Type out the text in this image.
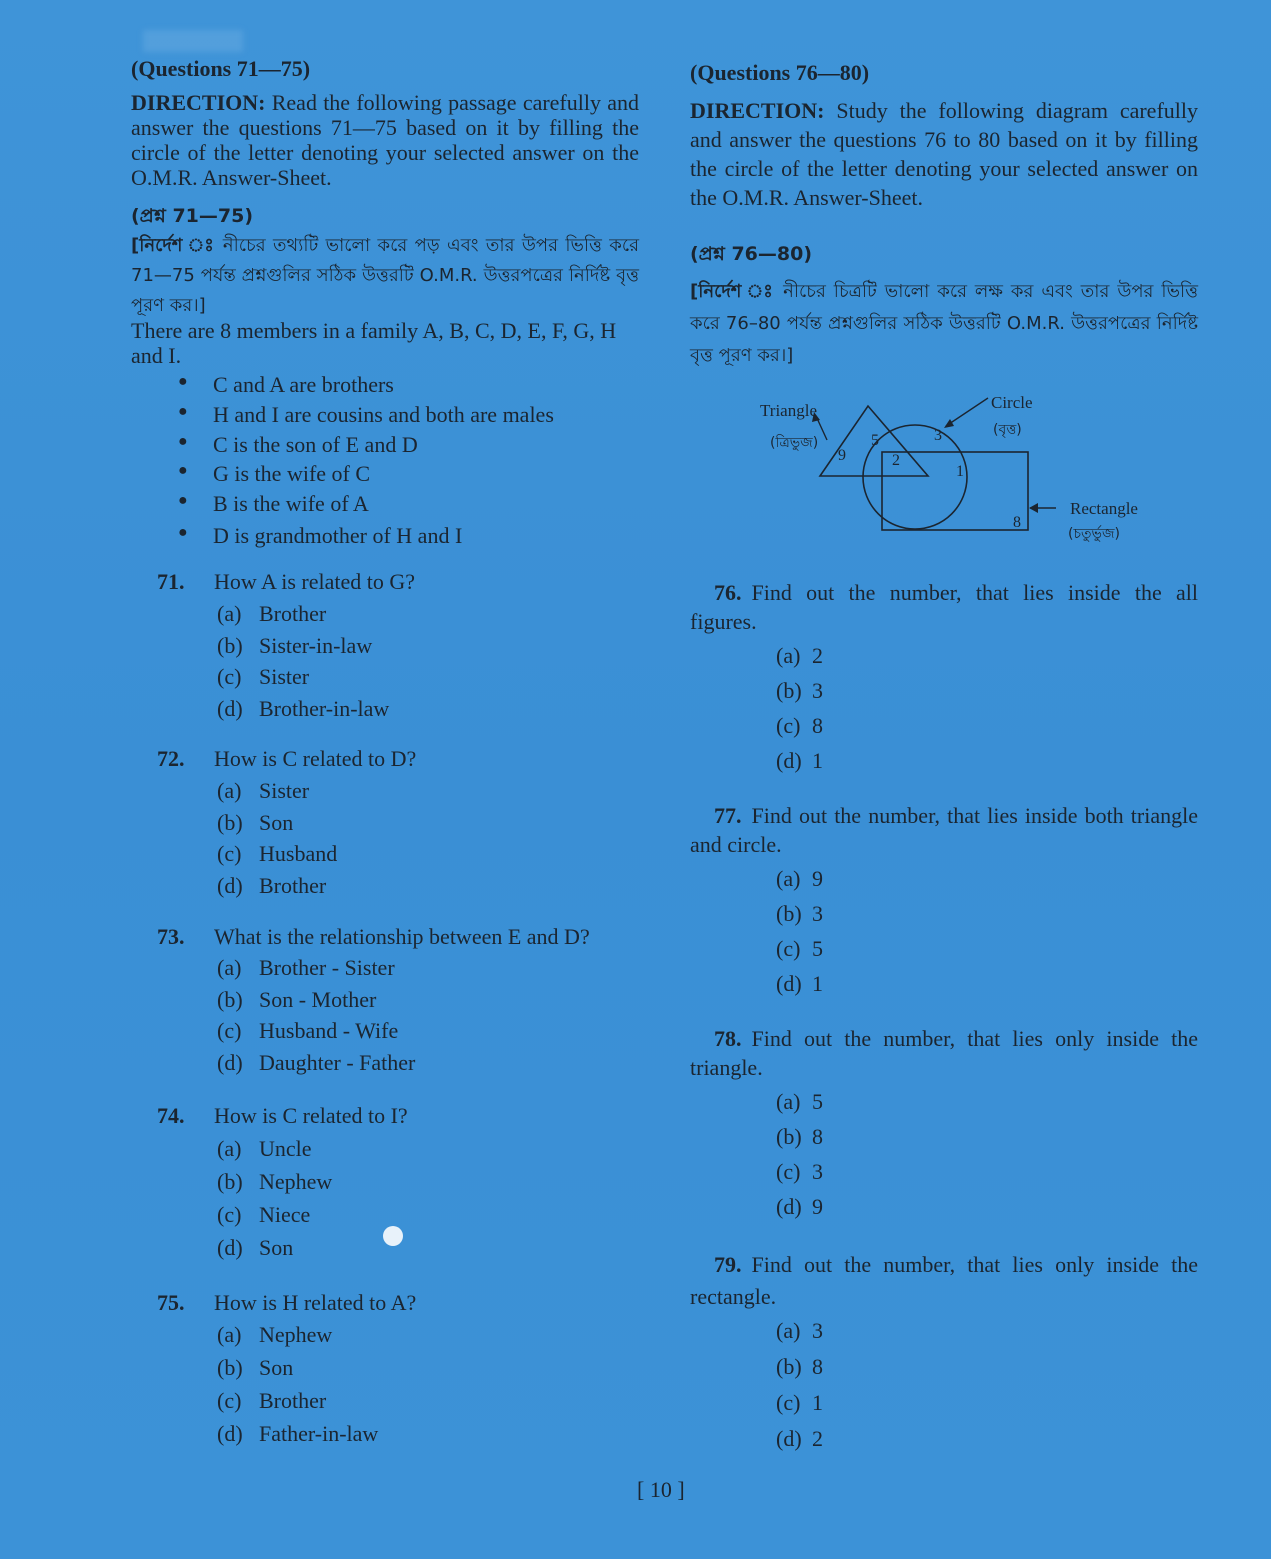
(Questions 71—75)
DIRECTION: Read the following passage carefully and answer the questions 71—75 based on it by filling the circle of the letter denoting your selected answer on the O.M.R. Answer-Sheet.
(প্রশ্ন 71—75)
[নির্দেশ ঃ নীচের তথ্যটি ভালো করে পড় এবং তার উপর ভিত্তি করে 71—75 পর্যন্ত প্রশ্নগুলির সঠিক উত্তরটি O.M.R. উত্তরপত্রের নির্দিষ্ট বৃত্ত পূরণ কর।]
There are 8 members in a family A, B, C, D, E, F, G, H and I.
● C and A are brothers
● H and I are cousins and both are males
● C is the son of E and D
● G is the wife of C
● B is the wife of A
● D is grandmother of H and I
71. How A is related to G?
(a) Brother
(b) Sister-in-law
(c) Sister
(d) Brother-in-law
72. How is C related to D?
(a) Sister
(b) Son
(c) Husband
(d) Brother
73. What is the relationship between E and D?
(a) Brother - Sister
(b) Son - Mother
(c) Husband - Wife
(d) Daughter - Father
74. How is C related to I?
(a) Uncle
(b) Nephew
(c) Niece
(d) Son
75. How is H related to A?
(a) Nephew
(b) Son
(c) Brother
(d) Father-in-law
(Questions 76—80)
DIRECTION: Study the following diagram carefully and answer the questions 76 to 80 based on it by filling the circle of the letter denoting your selected answer on the O.M.R. Answer-Sheet.
(প্রশ্ন 76—80)
[নির্দেশ ঃ নীচের চিত্রটি ভালো করে লক্ষ কর এবং তার উপর ভিত্তি করে 76–80 পর্যন্ত প্রশ্নগুলির সঠিক উত্তরটি O.M.R. উত্তরপত্রের নির্দিষ্ট বৃত্ত পূরণ কর।]
Triangle
(ত্রিভুজ)
Circle
(বৃত্ত)
Rectangle
(চতুর্ভুজ)
9
5
2
3
1
8
76. Find out the number, that lies inside the all figures.
(a) 2
(b) 3
(c) 8
(d) 1
77. Find out the number, that lies inside both triangle and circle.
(a) 9
(b) 3
(c) 5
(d) 1
78. Find out the number, that lies only inside the triangle.
(a) 5
(b) 8
(c) 3
(d) 9
79. Find out the number, that lies only inside the rectangle.
(a) 3
(b) 8
(c) 1
(d) 2
[ 10 ]
